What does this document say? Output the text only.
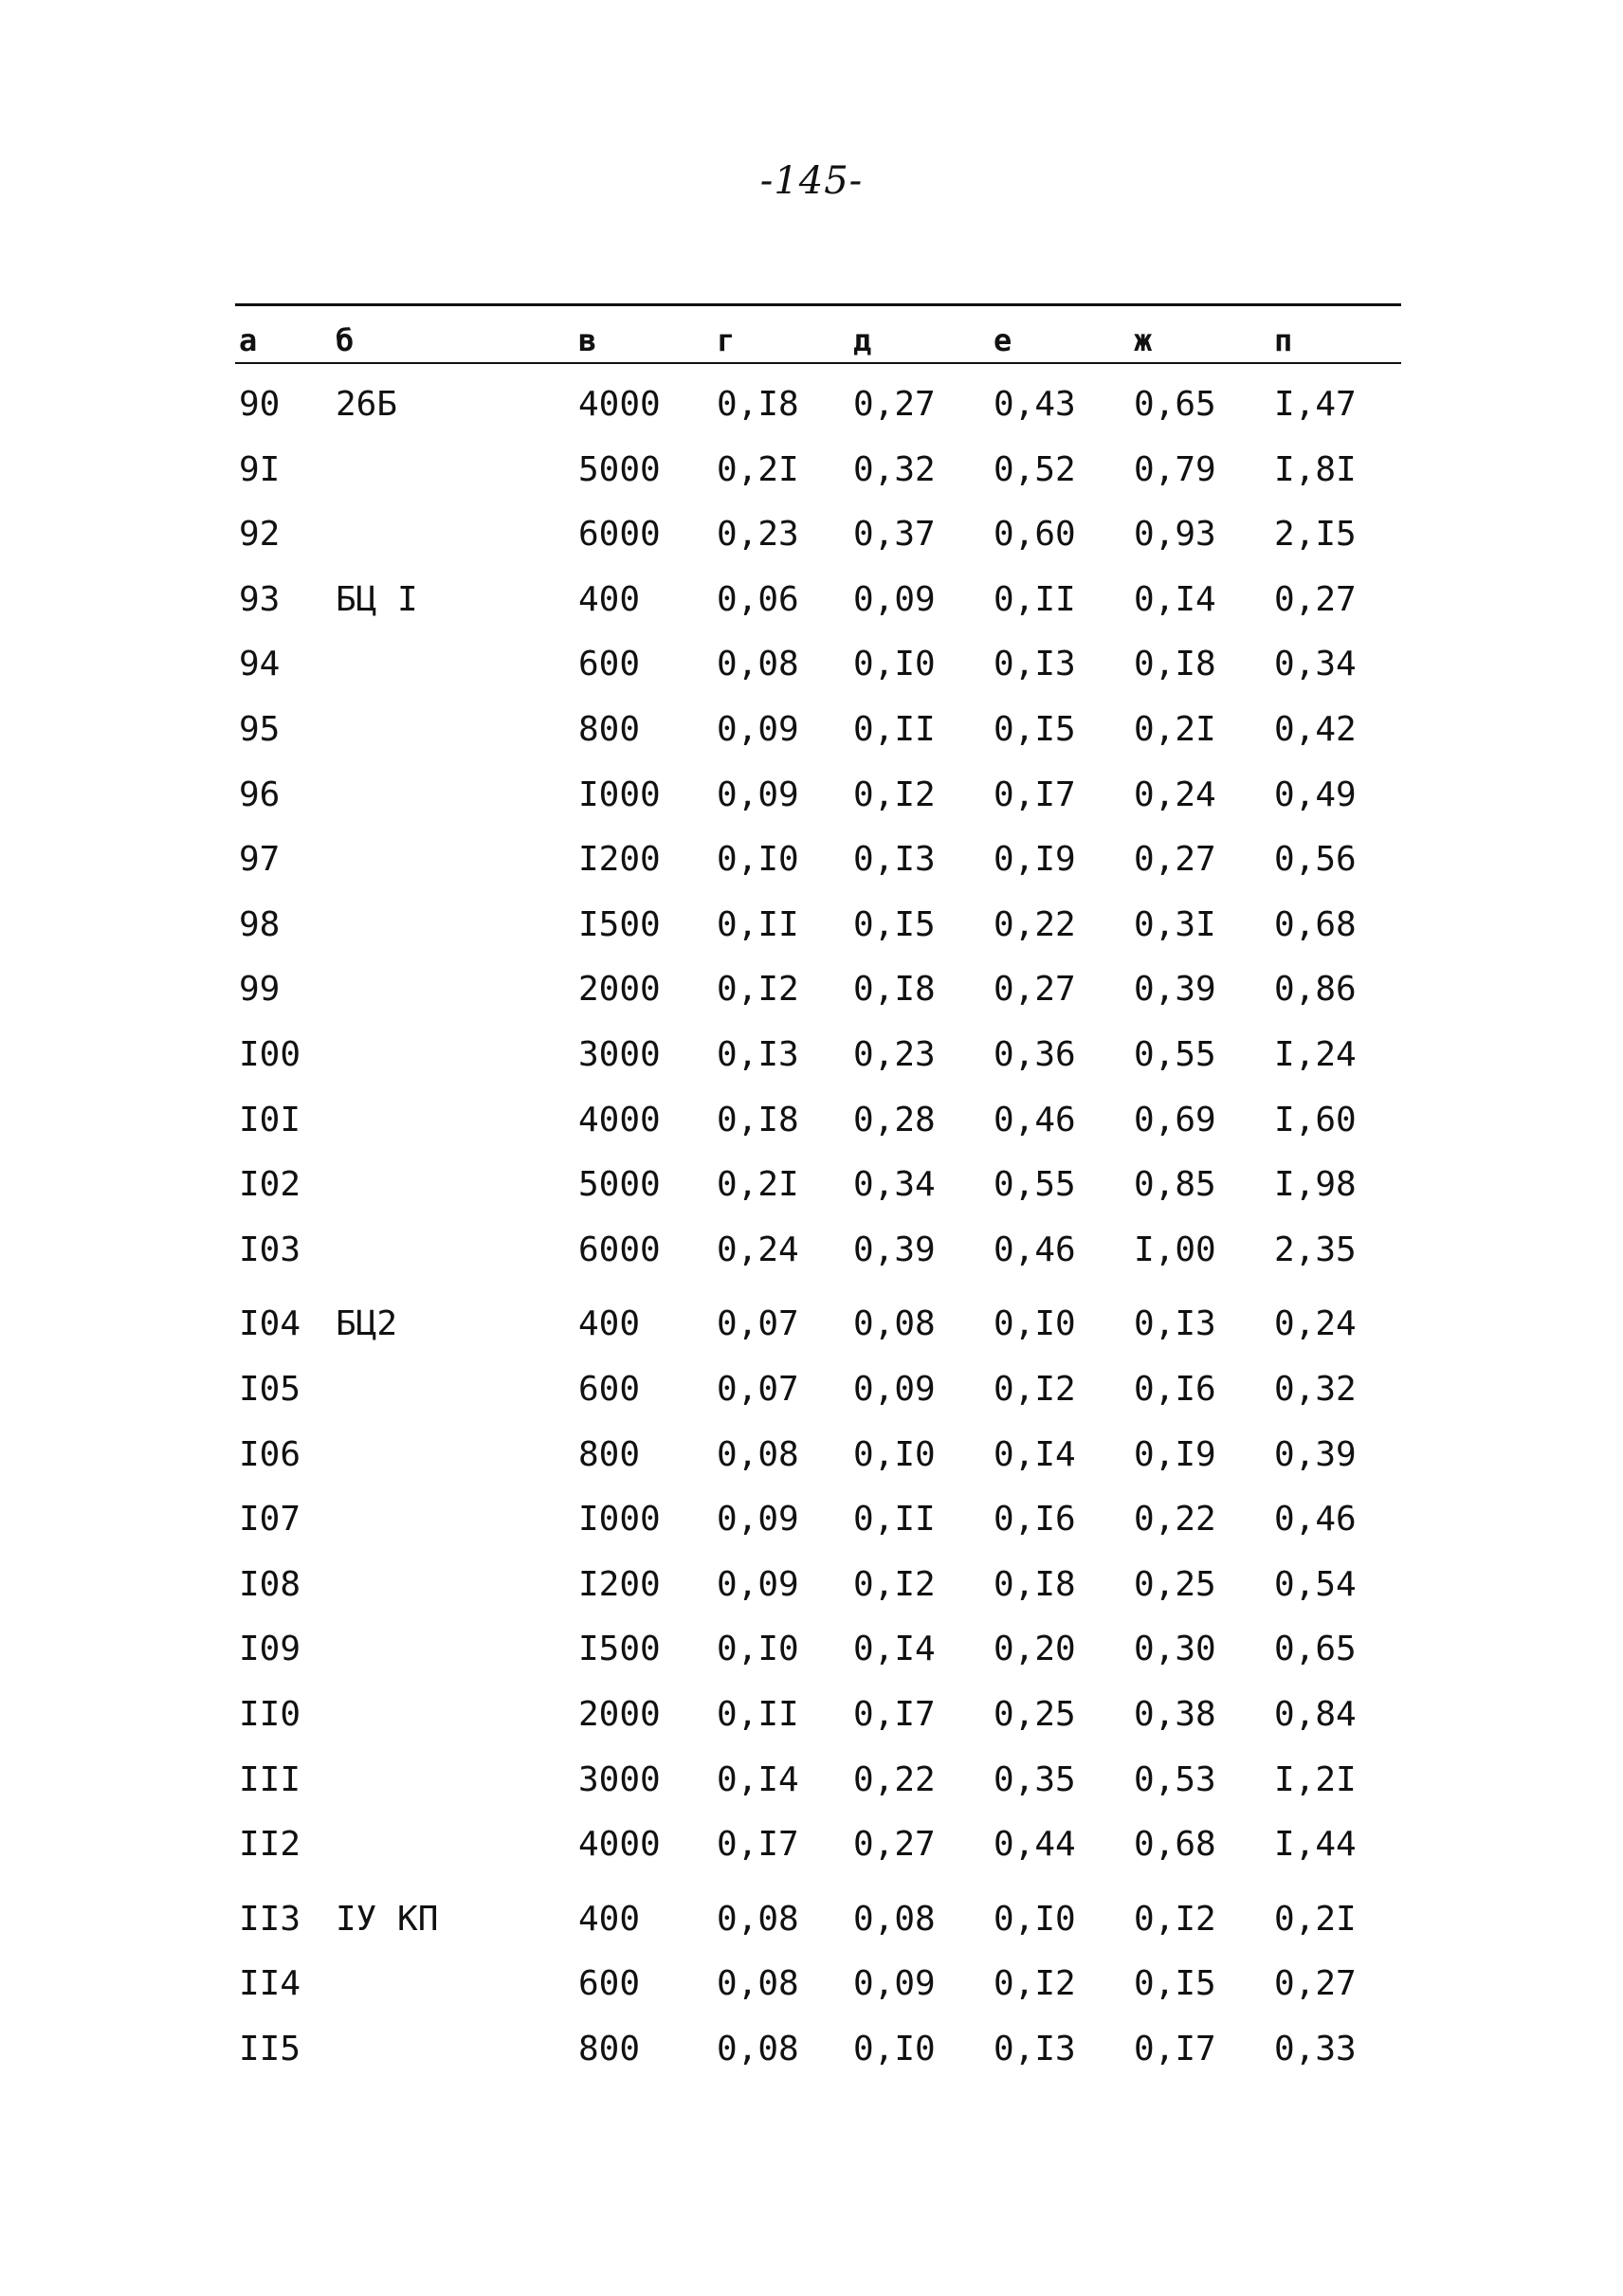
-145-
а	б	в	г	д	е	ж	п
90 26Б	4000 0,I8 0,27 0,43 0,65 I,47
9I	5000 0,2I 0,32 0,52 0,79 I,8I
92	6000 0,23 0,37 0,60 0,93 2,I5
93 БЦ I	400 0,06 0,09 0,II 0,I4 0,27
94	600 0,08 0,I0 0,I3 0,I8 0,34
95	800 0,09 0,II 0,I5 0,2I 0,42
96	I000 0,09 0,I2 0,I7 0,24 0,49
97	I200 0,I0 0,I3 0,I9 0,27 0,56
98	I500 0,II 0,I5 0,22 0,3I 0,68
99	2000 0,I2 0,I8 0,27 0,39 0,86
I00	3000 0,I3 0,23 0,36 0,55 I,24
I0I	4000 0,I8 0,28 0,46 0,69 I,60
I02	5000 0,2I 0,34 0,55 0,85 I,98
I03	6000 0,24 0,39 0,46 I,00 2,35
I04 БЦ2	400 0,07 0,08 0,I0 0,I3 0,24
I05	600 0,07 0,09 0,I2 0,I6 0,32
I06	800 0,08 0,I0 0,I4 0,I9 0,39
I07	I000 0,09 0,II 0,I6 0,22 0,46
I08	I200 0,09 0,I2 0,I8 0,25 0,54
I09	I500 0,I0 0,I4 0,20 0,30 0,65
II0	2000 0,II 0,I7 0,25 0,38 0,84
III	3000 0,I4 0,22 0,35 0,53 I,2I
II2	4000 0,I7 0,27 0,44 0,68 I,44
II3 IУ КП	400 0,08 0,08 0,I0 0,I2 0,2I
II4	600 0,08 0,09 0,I2 0,I5 0,27
II5	800 0,08 0,I0 0,I3 0,I7 0,33
